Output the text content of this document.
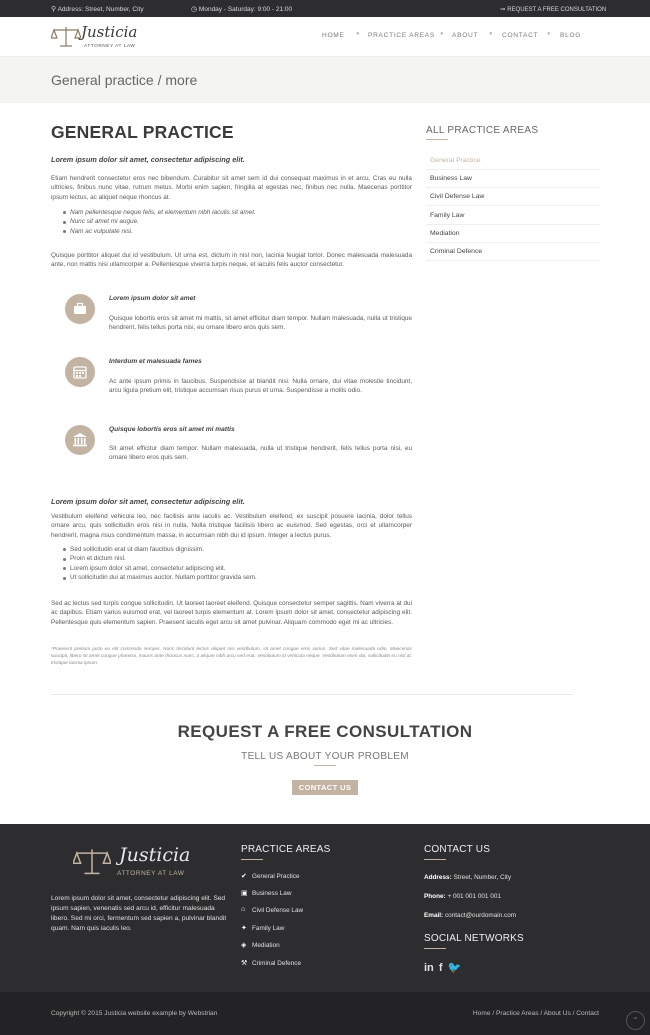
⚲ Address: Street, Number, City	◷ Monday - Saturday: 9:00 - 21:00	➞ REQUEST A FREE CONSULTATION
Justicia
ATTORNEY AT LAW
HOME ● PRACTICE AREAS ● ABOUT ● CONTACT ● BLOG
General practice / more
GENERAL PRACTICE
Lorem ipsum dolor sit amet, consectetur adipiscing elit.
Etiam hendrerit consectetur eros nec bibendum. Curabitur sit amet sem id dui consequat maximus in et arcu. Cras eu nulla ultricies, finibus nunc vitae, rutrum metus. Morbi enim sapien, fringilla at egestas nec, finibus nec nulla. Maecenas porttitor ipsum lectus, ac aliquet neque rhoncus at.
Nam pellentesque neque felis, et elementum nibh iaculis sit amet.
Nunc sit amet mi augue.
Nam ac vulputate nisi.
Quisque porttitor aliquet dui id vestibulum. Ut urna est, dictum in nisl non, lacinia feugiat tortor. Donec malesuada malesuada ante, non mattis nisi ullamcorper a. Pellentesque viverra turpis neque, et iaculis felis auctor consectetur.
Lorem ipsum dolor sit amet
Quisque lobortis eros sit amet mi mattis, sit amet efficitur diam tempor. Nullam malesuada, nulla ut tristique hendrerit, felis tellus porta nisi, eu ornare libero eros quis sem.
Interdum et malesuada fames
Ac ante ipsum primis in faucibus. Suspendisse at blandit nisi. Nulla ornare, dui vitae molestie tincidunt, arcu ligula pretium elit, tristique accumsan risus purus et urna. Suspendisse a mollis odio.
Quisque lobortis eros sit amet mi mattis
Sit amet efficitur diam tempor. Nullam malesuada, nulla ut tristique hendrerit, felis tellus porta nisi, eu ornare libero eros quis sem.
Lorem ipsum dolor sit amet, consectetur adipiscing elit.
Vestibulum eleifend vehicula leo, nec facilisis ante iaculis ac. Vestibulum eleifend, ex suscipit posuere lacinia, dolor tellus ornare arcu, quis sollicitudin eros nisi in nulla. Nulla tristique facilisis libero ac euismod. Sed egestas, orci et ullamcorper hendrerit, magna risus condimentum massa, in accumsan nibh dui id ipsum. Integer a lectus purus.
Sed sollicitudin erat ut diam faucibus dignissim.
Proin et dictum nisl.
Lorem ipsum dolor sit amet, consectetur adipiscing elit.
Ut sollicitudin dui at maximus auctor. Nullam porttitor gravida sem.
Sed ac lectus sed turpis congue sollicitudin. Ut laoreet laoreet eleifend. Quisque consectetur semper sagittis. Nam viverra at dui ac dapibus. Etiam varius euismod erat, vel laoreet turpis elementum at. Lorem ipsum dolor sit amet, consectetur adipiscing elit. Pellentesque quis elementum sapien. Praesent iaculis eget arcu sit amet pulvinar. Aliquam commodo eget mi ac ultricies.
*Praesent pretium justo eu elit commodo semper. Nunc tincidunt lectus aliquet nisi vestibulum, sit amet congue eros varius. Sed vitae malesuada odio. Maecenas suscipit, libero sit amet congue pharetra, mauris ante rhoncus nunc, a aliquet nibh arcu sed erat. Vestibulum id vehicula neque. Vestibulum enim dui, sollicitudin eu nisl at, tristique lacinia ipsum.
ALL PRACTICE AREAS
General Practice
Business Law
Civil Defense Law
Family Law
Mediation
Criminal Defence
REQUEST A FREE CONSULTATION
TELL US ABOUT YOUR PROBLEM
CONTACT US
Justicia
ATTORNEY AT LAW
Lorem ipsum dolor sit amet, consectetur adipiscing elit. Sed ipsum sapien, venenatis sed arcu id, efficitur malesuada libero. Sed mi orci, fermentum sed sapien a, pulvinar blandit quam. Nam quis iaculis leo.
PRACTICE AREAS
✔ General Practice
▣ Business Law
⌂ Civil Defense Law
✦ Family Law
◈ Mediation
⚒ Criminal Defence
CONTACT US
Address: Street, Number, City
Phone: + 001 001 001 001
Email: contact@ourdomain.com
SOCIAL NETWORKS
in f 🐦
Copyright © 2015 Justicia website example by Webstrian	Home / Practice Areas / About Us / Contact
⌃
